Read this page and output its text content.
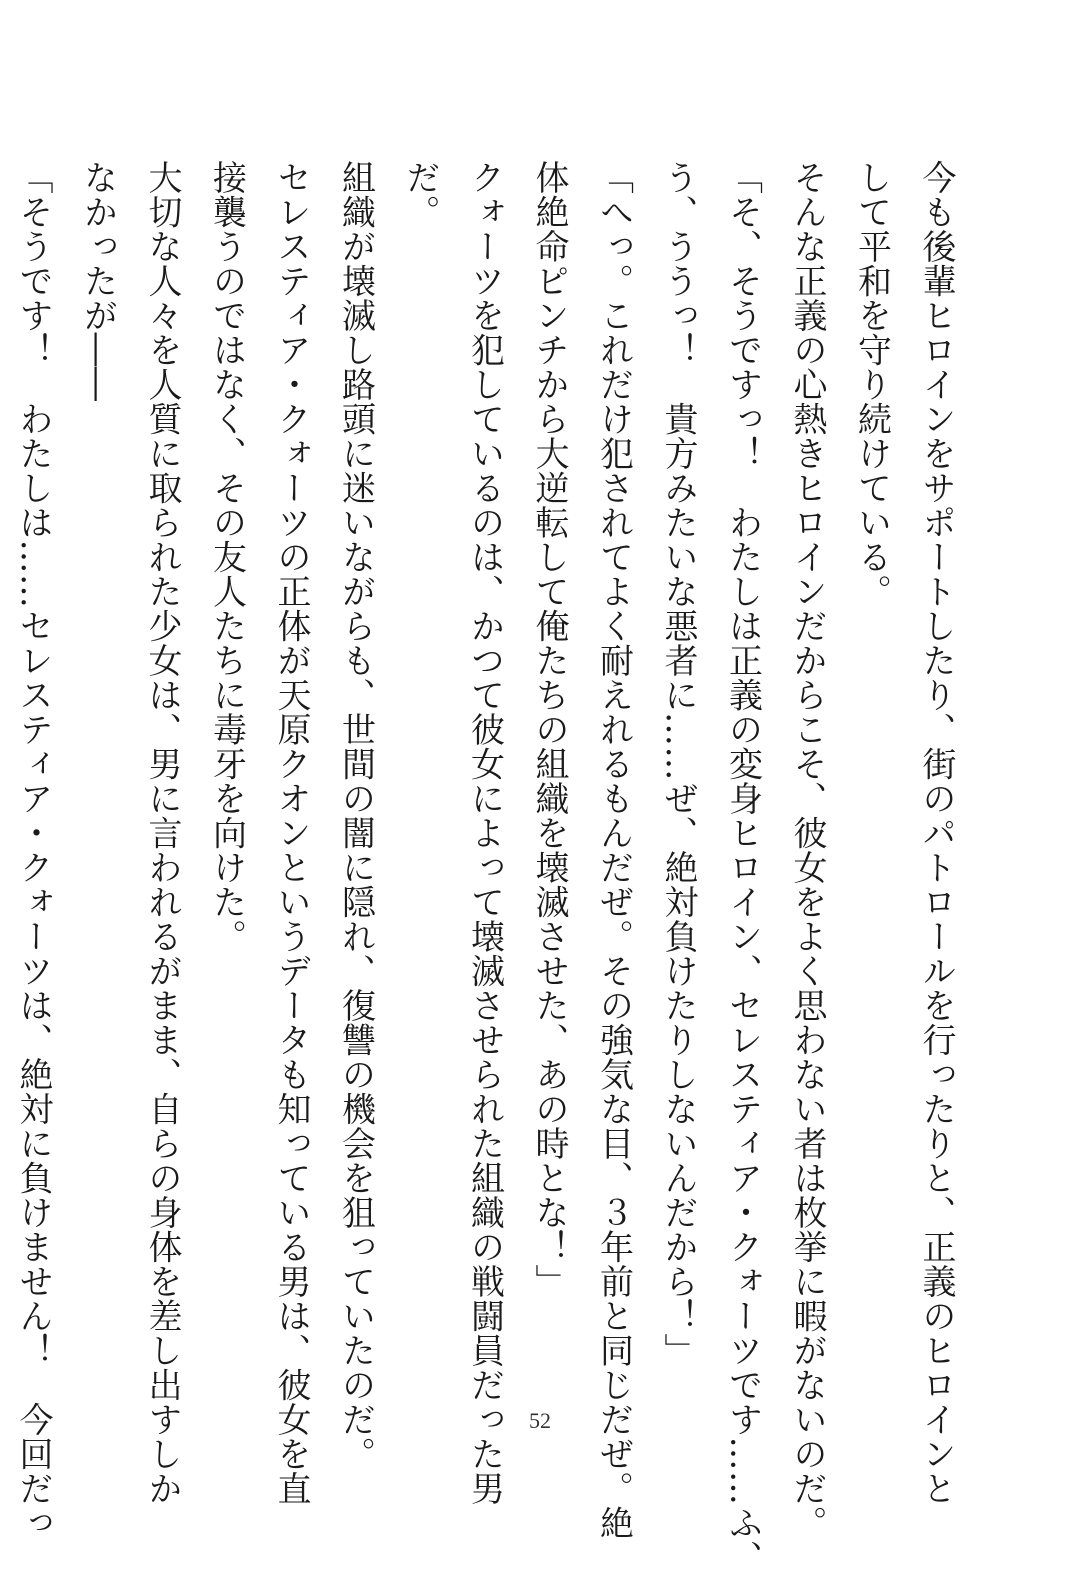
今も後輩ヒロインをサポートしたり、街のパトロールを行ったりと、正義のヒロインと
して平和を守り続けている。
そんな正義の心熱きヒロインだからこそ、彼女をよく思わない者は枚挙に暇がないのだ。
「そ、そうですっ！　わたしは正義の変身ヒロイン、セレスティア・クォーツです……ふ、
う、ううっ！　貴方みたいな悪者に……ぜ、絶対負けたりしないんだから！」
「へっ。これだけ犯されてよく耐えれるもんだぜ。その強気な目、３年前と同じだぜ。絶
体絶命ピンチから大逆転して俺たちの組織を壊滅させた、あの時とな！」
クォーツを犯しているのは、かつて彼女によって壊滅させられた組織の戦闘員だった男
だ。
組織が壊滅し路頭に迷いながらも、世間の闇に隠れ、復讐の機会を狙っていたのだ。
セレスティア・クォーツの正体が天原クオンというデータも知っている男は、彼女を直
接襲うのではなく、その友人たちに毒牙を向けた。
大切な人々を人質に取られた少女は、男に言われるがまま、自らの身体を差し出すしか
なかったが――
「そうです！　わたしは……セレスティア・クォーツは、絶対に負けません！　今回だっ	52
